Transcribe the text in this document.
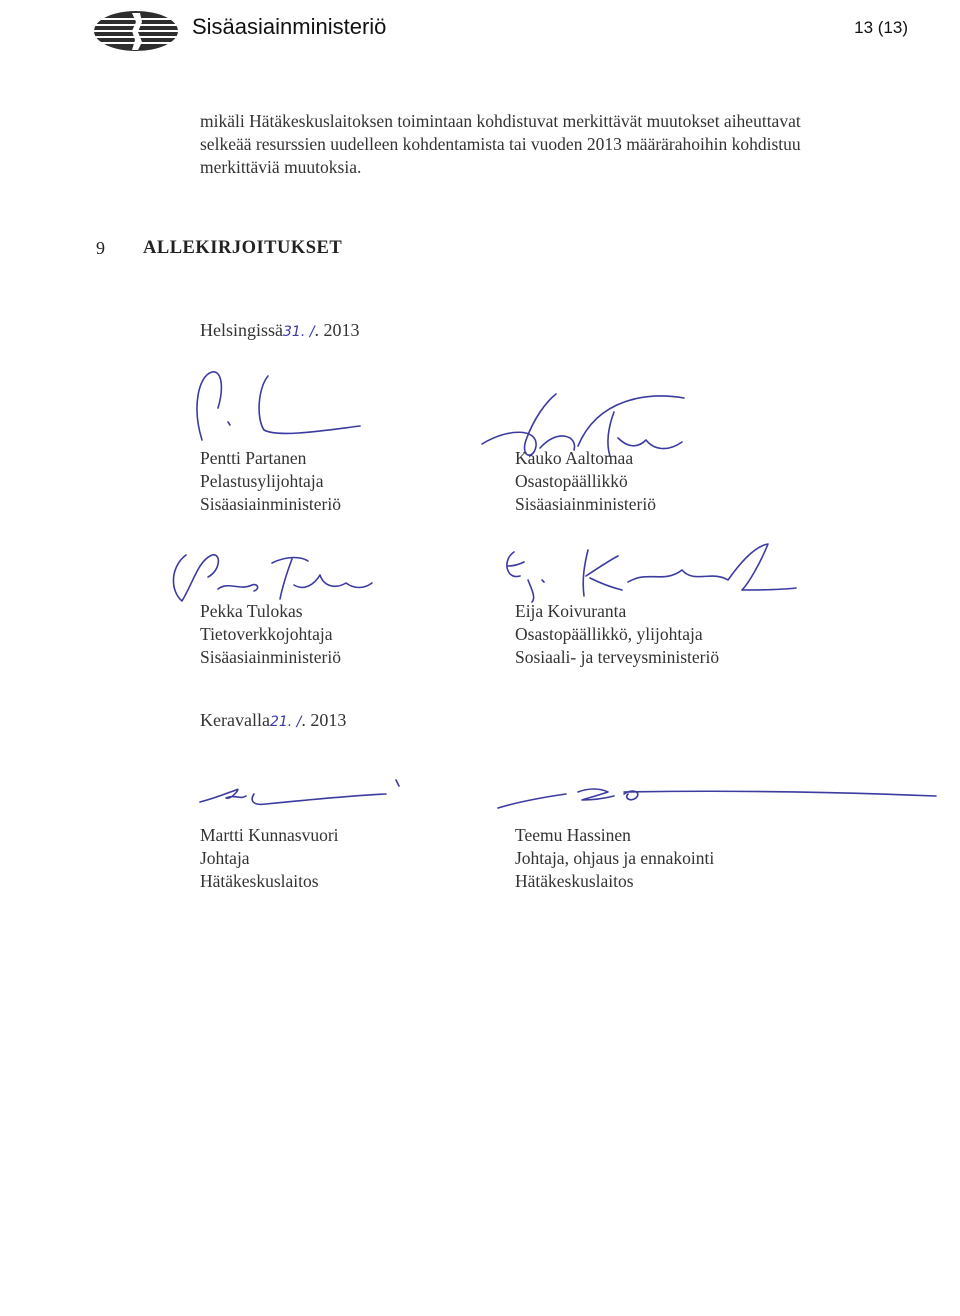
Sisäasiainministeriö	13 (13)
mikäli Hätäkeskuslaitoksen toimintaan kohdistuvat merkittävät muutokset aiheuttavat
selkeää resurssien uudelleen kohdentamista tai vuoden 2013 määrärahoihin kohdistuu
merkittäviä muutoksia.
9 ALLEKIRJOITUKSET
Helsingissä31. /. 2013
Pentti Partanen
Pelastusylijohtaja
Sisäasiainministeriö
Kauko Aaltomaa
Osastopäällikkö
Sisäasiainministeriö
Pekka Tulokas
Tietoverkkojohtaja
Sisäasiainministeriö
Eija Koivuranta
Osastopäällikkö, ylijohtaja
Sosiaali- ja terveysministeriö
Keravalla21. /. 2013
Martti Kunnasvuori
Johtaja
Hätäkeskuslaitos
Teemu Hassinen
Johtaja, ohjaus ja ennakointi
Hätäkeskuslaitos
